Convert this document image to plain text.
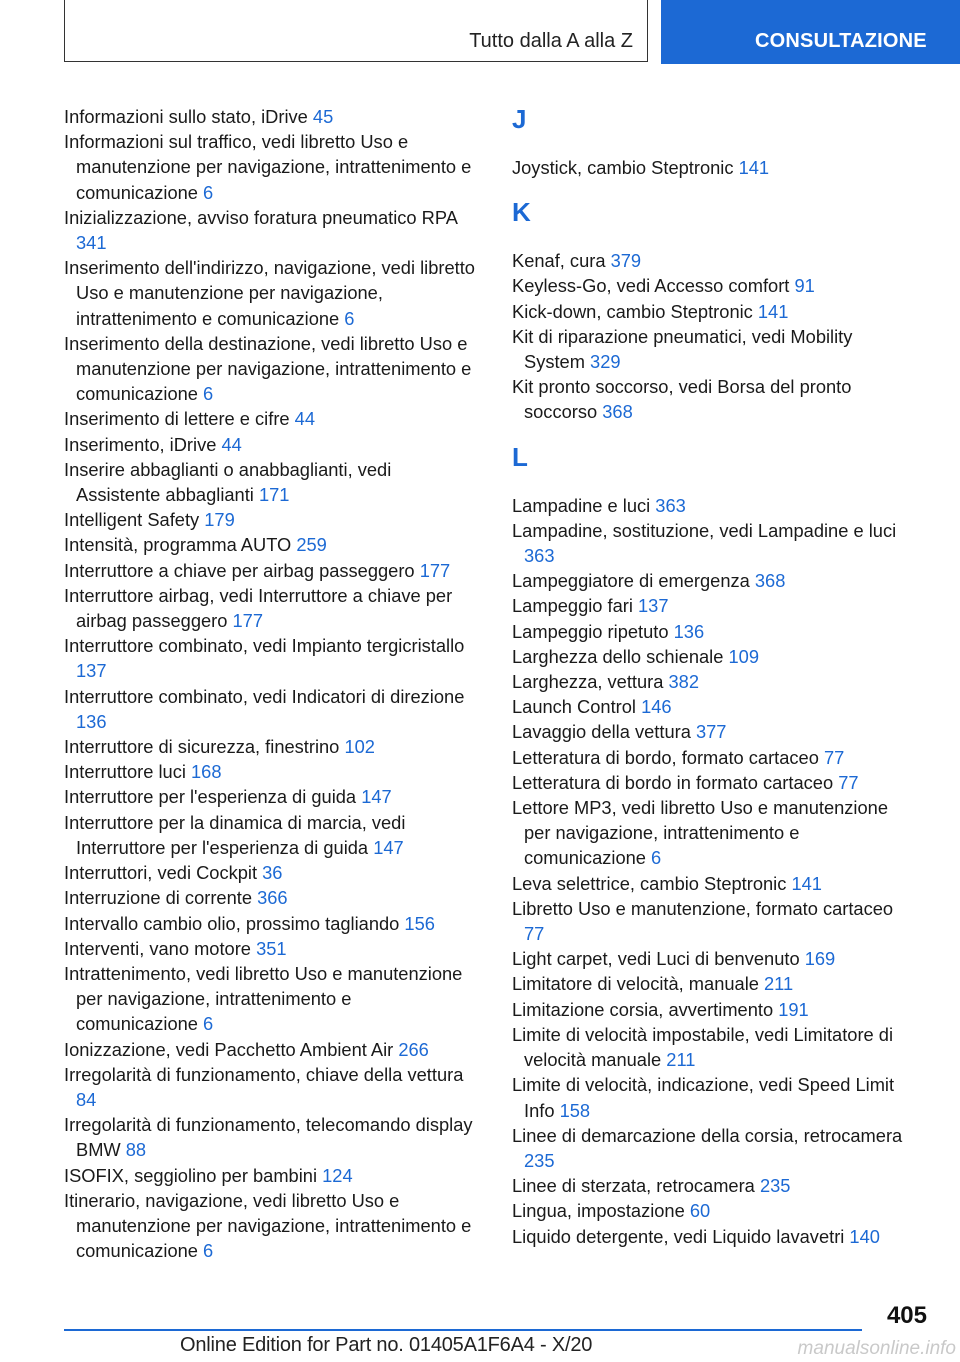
Tutto dalla A alla Z	CONSULTAZIONE
Informazioni sullo stato, iDrive 45
Informazioni sul traffico, vedi libretto Uso e manutenzione per navigazione, intrattenimento e comunicazione 6
Inizializzazione, avviso foratura pneumatico RPA 341
Inserimento dell'indirizzo, navigazione, vedi libretto Uso e manutenzione per navigazione, intrattenimento e comunicazione 6
Inserimento della destinazione, vedi libretto Uso e manutenzione per navigazione, intrattenimento e comunicazione 6
Inserimento di lettere e cifre 44
Inserimento, iDrive 44
Inserire abbaglianti o anabbaglianti, vedi Assistente abbaglianti 171
Intelligent Safety 179
Intensità, programma AUTO 259
Interruttore a chiave per airbag passeggero 177
Interruttore airbag, vedi Interruttore a chiave per airbag passeggero 177
Interruttore combinato, vedi Impianto tergicristallo 137
Interruttore combinato, vedi Indicatori di direzione 136
Interruttore di sicurezza, finestrino 102
Interruttore luci 168
Interruttore per l'esperienza di guida 147
Interruttore per la dinamica di marcia, vedi Interruttore per l'esperienza di guida 147
Interruttori, vedi Cockpit 36
Interruzione di corrente 366
Intervallo cambio olio, prossimo tagliando 156
Interventi, vano motore 351
Intrattenimento, vedi libretto Uso e manutenzione per navigazione, intrattenimento e comunicazione 6
Ionizzazione, vedi Pacchetto Ambient Air 266
Irregolarità di funzionamento, chiave della vettura 84
Irregolarità di funzionamento, telecomando display BMW 88
ISOFIX, seggiolino per bambini 124
Itinerario, navigazione, vedi libretto Uso e manutenzione per navigazione, intrattenimento e comunicazione 6
J
Joystick, cambio Steptronic 141
K
Kenaf, cura 379
Keyless-Go, vedi Accesso comfort 91
Kick-down, cambio Steptronic 141
Kit di riparazione pneumatici, vedi Mobility System 329
Kit pronto soccorso, vedi Borsa del pronto soccorso 368
L
Lampadine e luci 363
Lampadine, sostituzione, vedi Lampadine e luci 363
Lampeggiatore di emergenza 368
Lampeggio fari 137
Lampeggio ripetuto 136
Larghezza dello schienale 109
Larghezza, vettura 382
Launch Control 146
Lavaggio della vettura 377
Letteratura di bordo, formato cartaceo 77
Letteratura di bordo in formato cartaceo 77
Lettore MP3, vedi libretto Uso e manutenzione per navigazione, intrattenimento e comunicazione 6
Leva selettrice, cambio Steptronic 141
Libretto Uso e manutenzione, formato cartaceo 77
Light carpet, vedi Luci di benvenuto 169
Limitatore di velocità, manuale 211
Limitazione corsia, avvertimento 191
Limite di velocità impostabile, vedi Limitatore di velocità manuale 211
Limite di velocità, indicazione, vedi Speed Limit Info 158
Linee di demarcazione della corsia, retrocamera 235
Linee di sterzata, retrocamera 235
Lingua, impostazione 60
Liquido detergente, vedi Liquido lavavetri 140
405
Online Edition for Part no. 01405A1F6A4 - X/20	manualsonline.info
